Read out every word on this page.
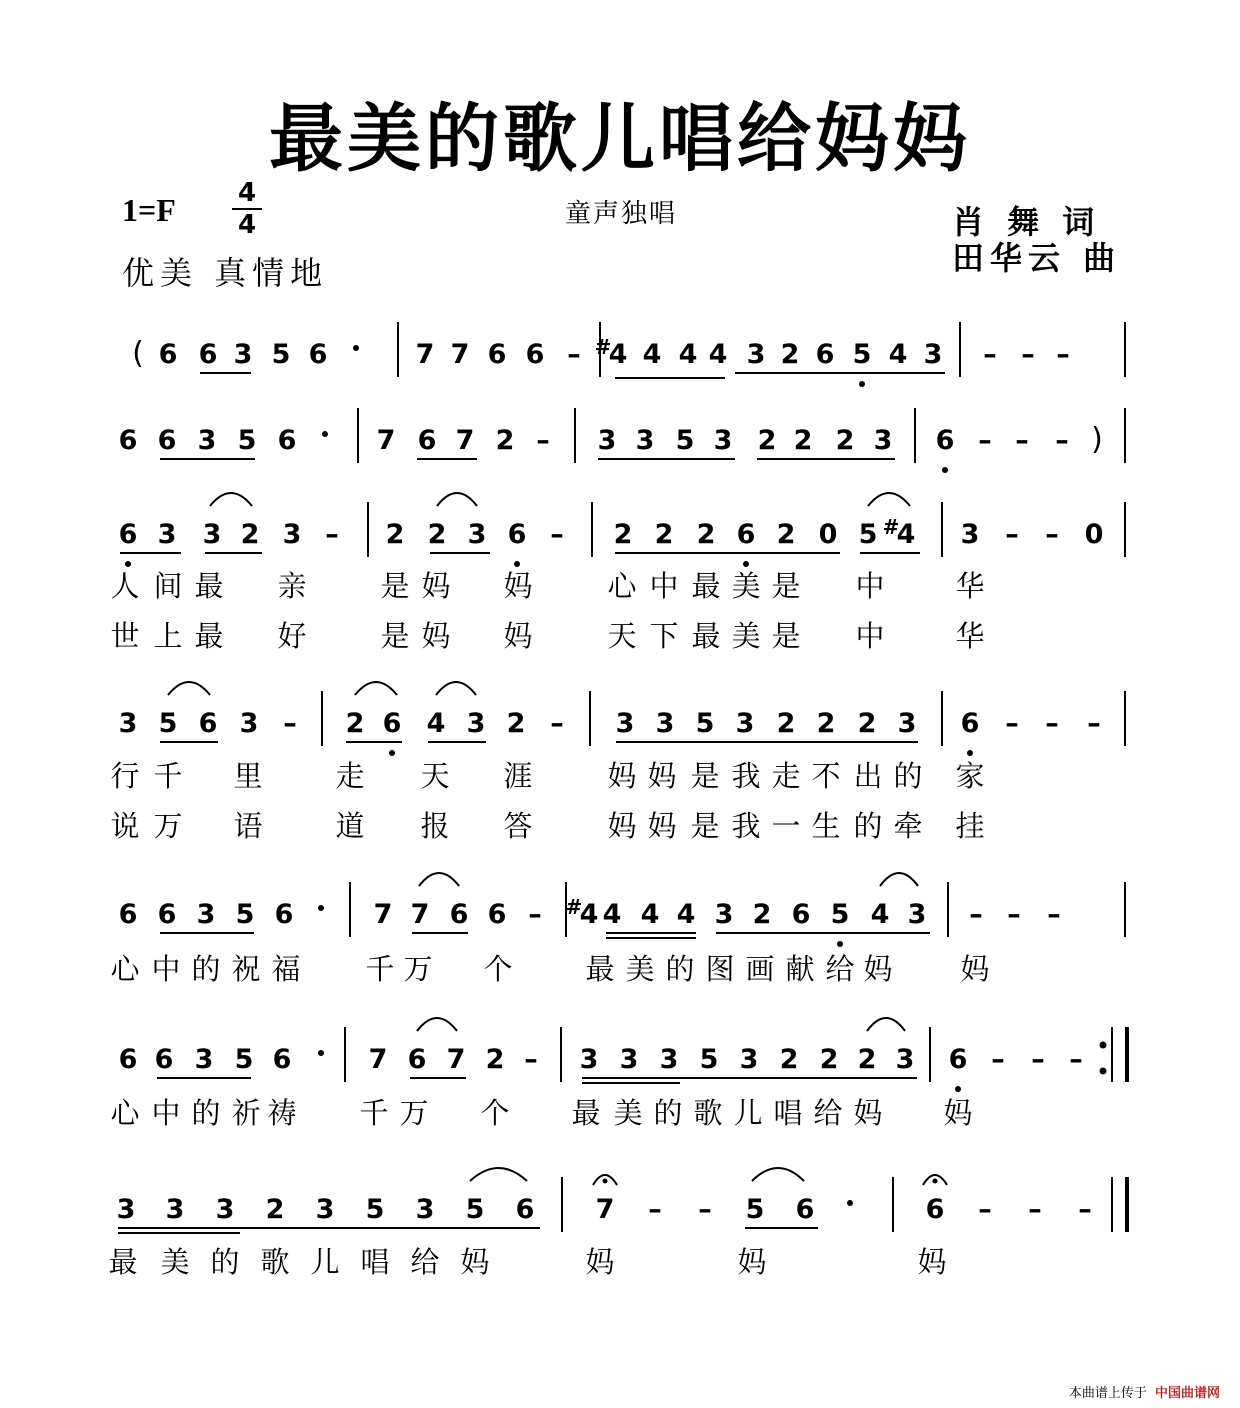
最美的歌儿唱给妈妈
1=F 4
4
优美 真情地
童声独唱	肖 舞 词
田华云 曲
( 6 6 3 5 6	7 7 6 6 – 4
# 4 4 4 3 2 6 5 4 3 – – –
6 6 3 5 6	7 6 7 2 – 3 3 5 3 2 2 2 3 6 – – – )
6 3 3 2 3 – 2 2 3 6 – 2 2 2 6 2 0 5 4
# 3 – – 0
人 间 最 亲	是 妈 妈	心 中 最 美 是 中 华
世 上 最 好	是 妈 妈	天 下 最 美 是 中 华
3 5 6 3 – 2 6 4 3 2 – 3 3 5 3 2 2 2 3 6 – – –
行 千 里	走 天 涯	妈 妈 是 我 走 不 出 的 家
说 万 语	道 报 答	妈 妈 是 我 一 生 的 牵 挂
6 6 3 5 6	7 7 6 6 – 4
# 4 4 4 3 2 6 5 4 3 – – –
心 中 的 祝 福 千 万 个	最 美 的 图 画 献 给 妈 妈
6 6 3 5 6	7 6 7 2 – 3 3 3 5 3 2 2 2 3 6 – – –
心 中 的 祈 祷 千 万 个 最 美 的 歌 儿 唱 给 妈 妈
3 3 3 2 3 5 3 5 6 7 – – 5 6	6 – – –
最 美 的 歌 儿 唱 给 妈	妈	妈	妈
本曲谱上传于 中国曲谱网
